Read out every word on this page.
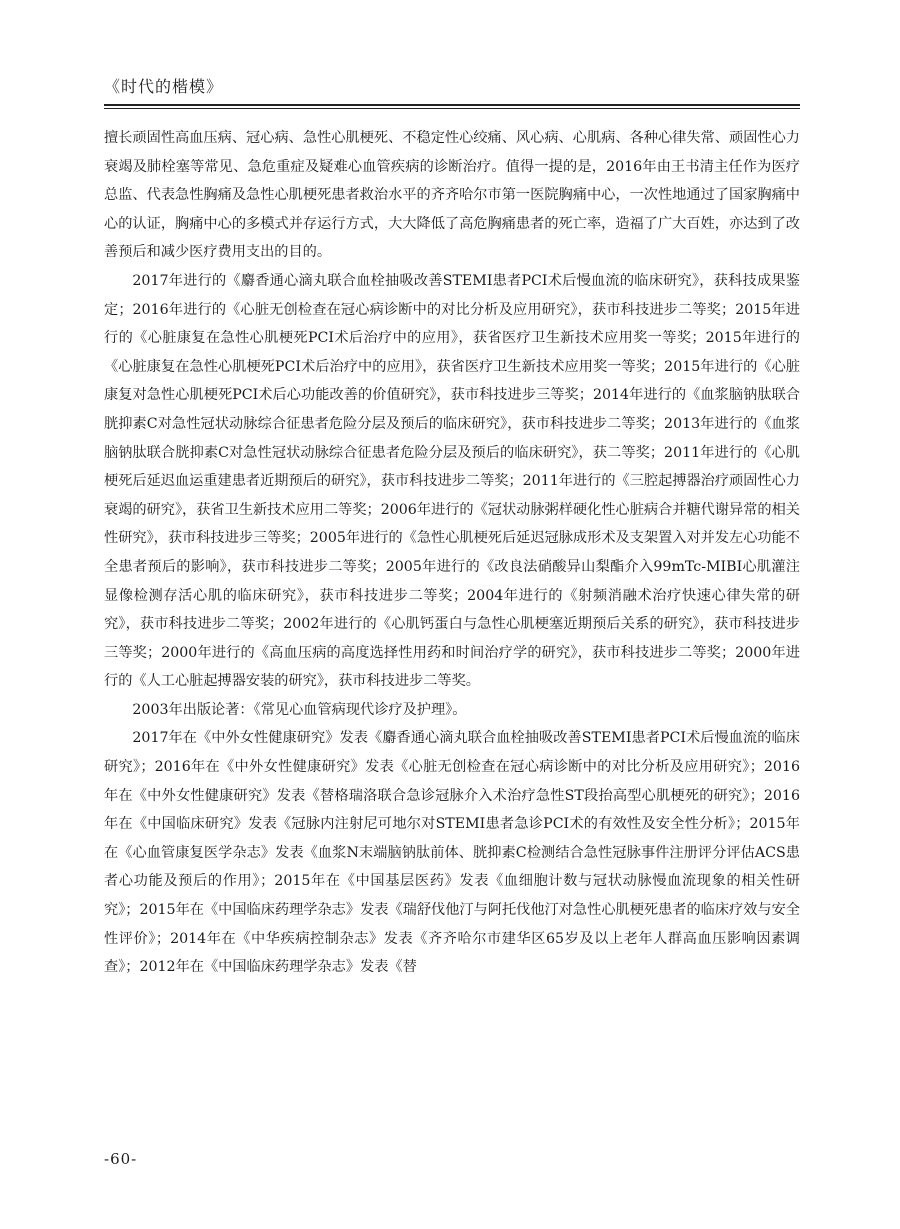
《时代的楷模》

擅长顽固性高血压病、冠心病、急性心肌梗死、不稳定性心绞痛、风心病、心肌病、各种心律失常、顽固性心力衰竭及肺栓塞等常见、急危重症及疑难心血管疾病的诊断治疗。值得一提的是，2016年由王书清主任作为医疗总监、代表急性胸痛及急性心肌梗死患者救治水平的齐齐哈尔市第一医院胸痛中心，一次性地通过了国家胸痛中心的认证，胸痛中心的多模式并存运行方式，大大降低了高危胸痛患者的死亡率，造福了广大百姓，亦达到了改善预后和减少医疗费用支出的目的。

2017年进行的《麝香通心滴丸联合血栓抽吸改善STEMI患者PCI术后慢血流的临床研究》，获科技成果鉴定；2016年进行的《心脏无创检查在冠心病诊断中的对比分析及应用研究》，获市科技进步二等奖；2015年进行的《心脏康复在急性心肌梗死PCI术后治疗中的应用》，获省医疗卫生新技术应用奖一等奖；2015年进行的《心脏康复在急性心肌梗死PCI术后治疗中的应用》，获省医疗卫生新技术应用奖一等奖；2015年进行的《心脏康复对急性心肌梗死PCI术后心功能改善的价值研究》，获市科技进步三等奖；2014年进行的《血浆脑钠肽联合胱抑素C对急性冠状动脉综合征患者危险分层及预后的临床研究》，获市科技进步二等奖；2013年进行的《血浆脑钠肽联合胱抑素C对急性冠状动脉综合征患者危险分层及预后的临床研究》，获二等奖；2011年进行的《心肌梗死后延迟血运重建患者近期预后的研究》，获市科技进步二等奖；2011年进行的《三腔起搏器治疗顽固性心力衰竭的研究》，获省卫生新技术应用二等奖；2006年进行的《冠状动脉粥样硬化性心脏病合并糖代谢异常的相关性研究》，获市科技进步三等奖；2005年进行的《急性心肌梗死后延迟冠脉成形术及支架置入对并发左心功能不全患者预后的影响》，获市科技进步二等奖；2005年进行的《改良法硝酸异山梨酯介入99mTc-MIBI心肌灌注显像检测存活心肌的临床研究》，获市科技进步二等奖；2004年进行的《射频消融术治疗快速心律失常的研究》，获市科技进步二等奖；2002年进行的《心肌钙蛋白与急性心肌梗塞近期预后关系的研究》，获市科技进步三等奖；2000年进行的《高血压病的高度选择性用药和时间治疗学的研究》，获市科技进步二等奖；2000年进行的《人工心脏起搏器安装的研究》，获市科技进步二等奖。

2003年出版论著：《常见心血管病现代诊疗及护理》。

2017年在《中外女性健康研究》发表《麝香通心滴丸联合血栓抽吸改善STEMI患者PCI术后慢血流的临床研究》；2016年在《中外女性健康研究》发表《心脏无创检查在冠心病诊断中的对比分析及应用研究》；2016年在《中外女性健康研究》发表《替格瑞洛联合急诊冠脉介入术治疗急性ST段抬高型心肌梗死的研究》；2016年在《中国临床研究》发表《冠脉内注射尼可地尔对STEMI患者急诊PCI术的有效性及安全性分析》；2015年在《心血管康复医学杂志》发表《血浆N末端脑钠肽前体、胱抑素C检测结合急性冠脉事件注册评分评估ACS患者心功能及预后的作用》；2015年在《中国基层医药》发表《血细胞计数与冠状动脉慢血流现象的相关性研究》；2015年在《中国临床药理学杂志》发表《瑞舒伐他汀与阿托伐他汀对急性心肌梗死患者的临床疗效与安全性评价》；2014年在《中华疾病控制杂志》发表《齐齐哈尔市建华区65岁及以上老年人群高血压影响因素调查》；2012年在《中国临床药理学杂志》发表《替

-60-
